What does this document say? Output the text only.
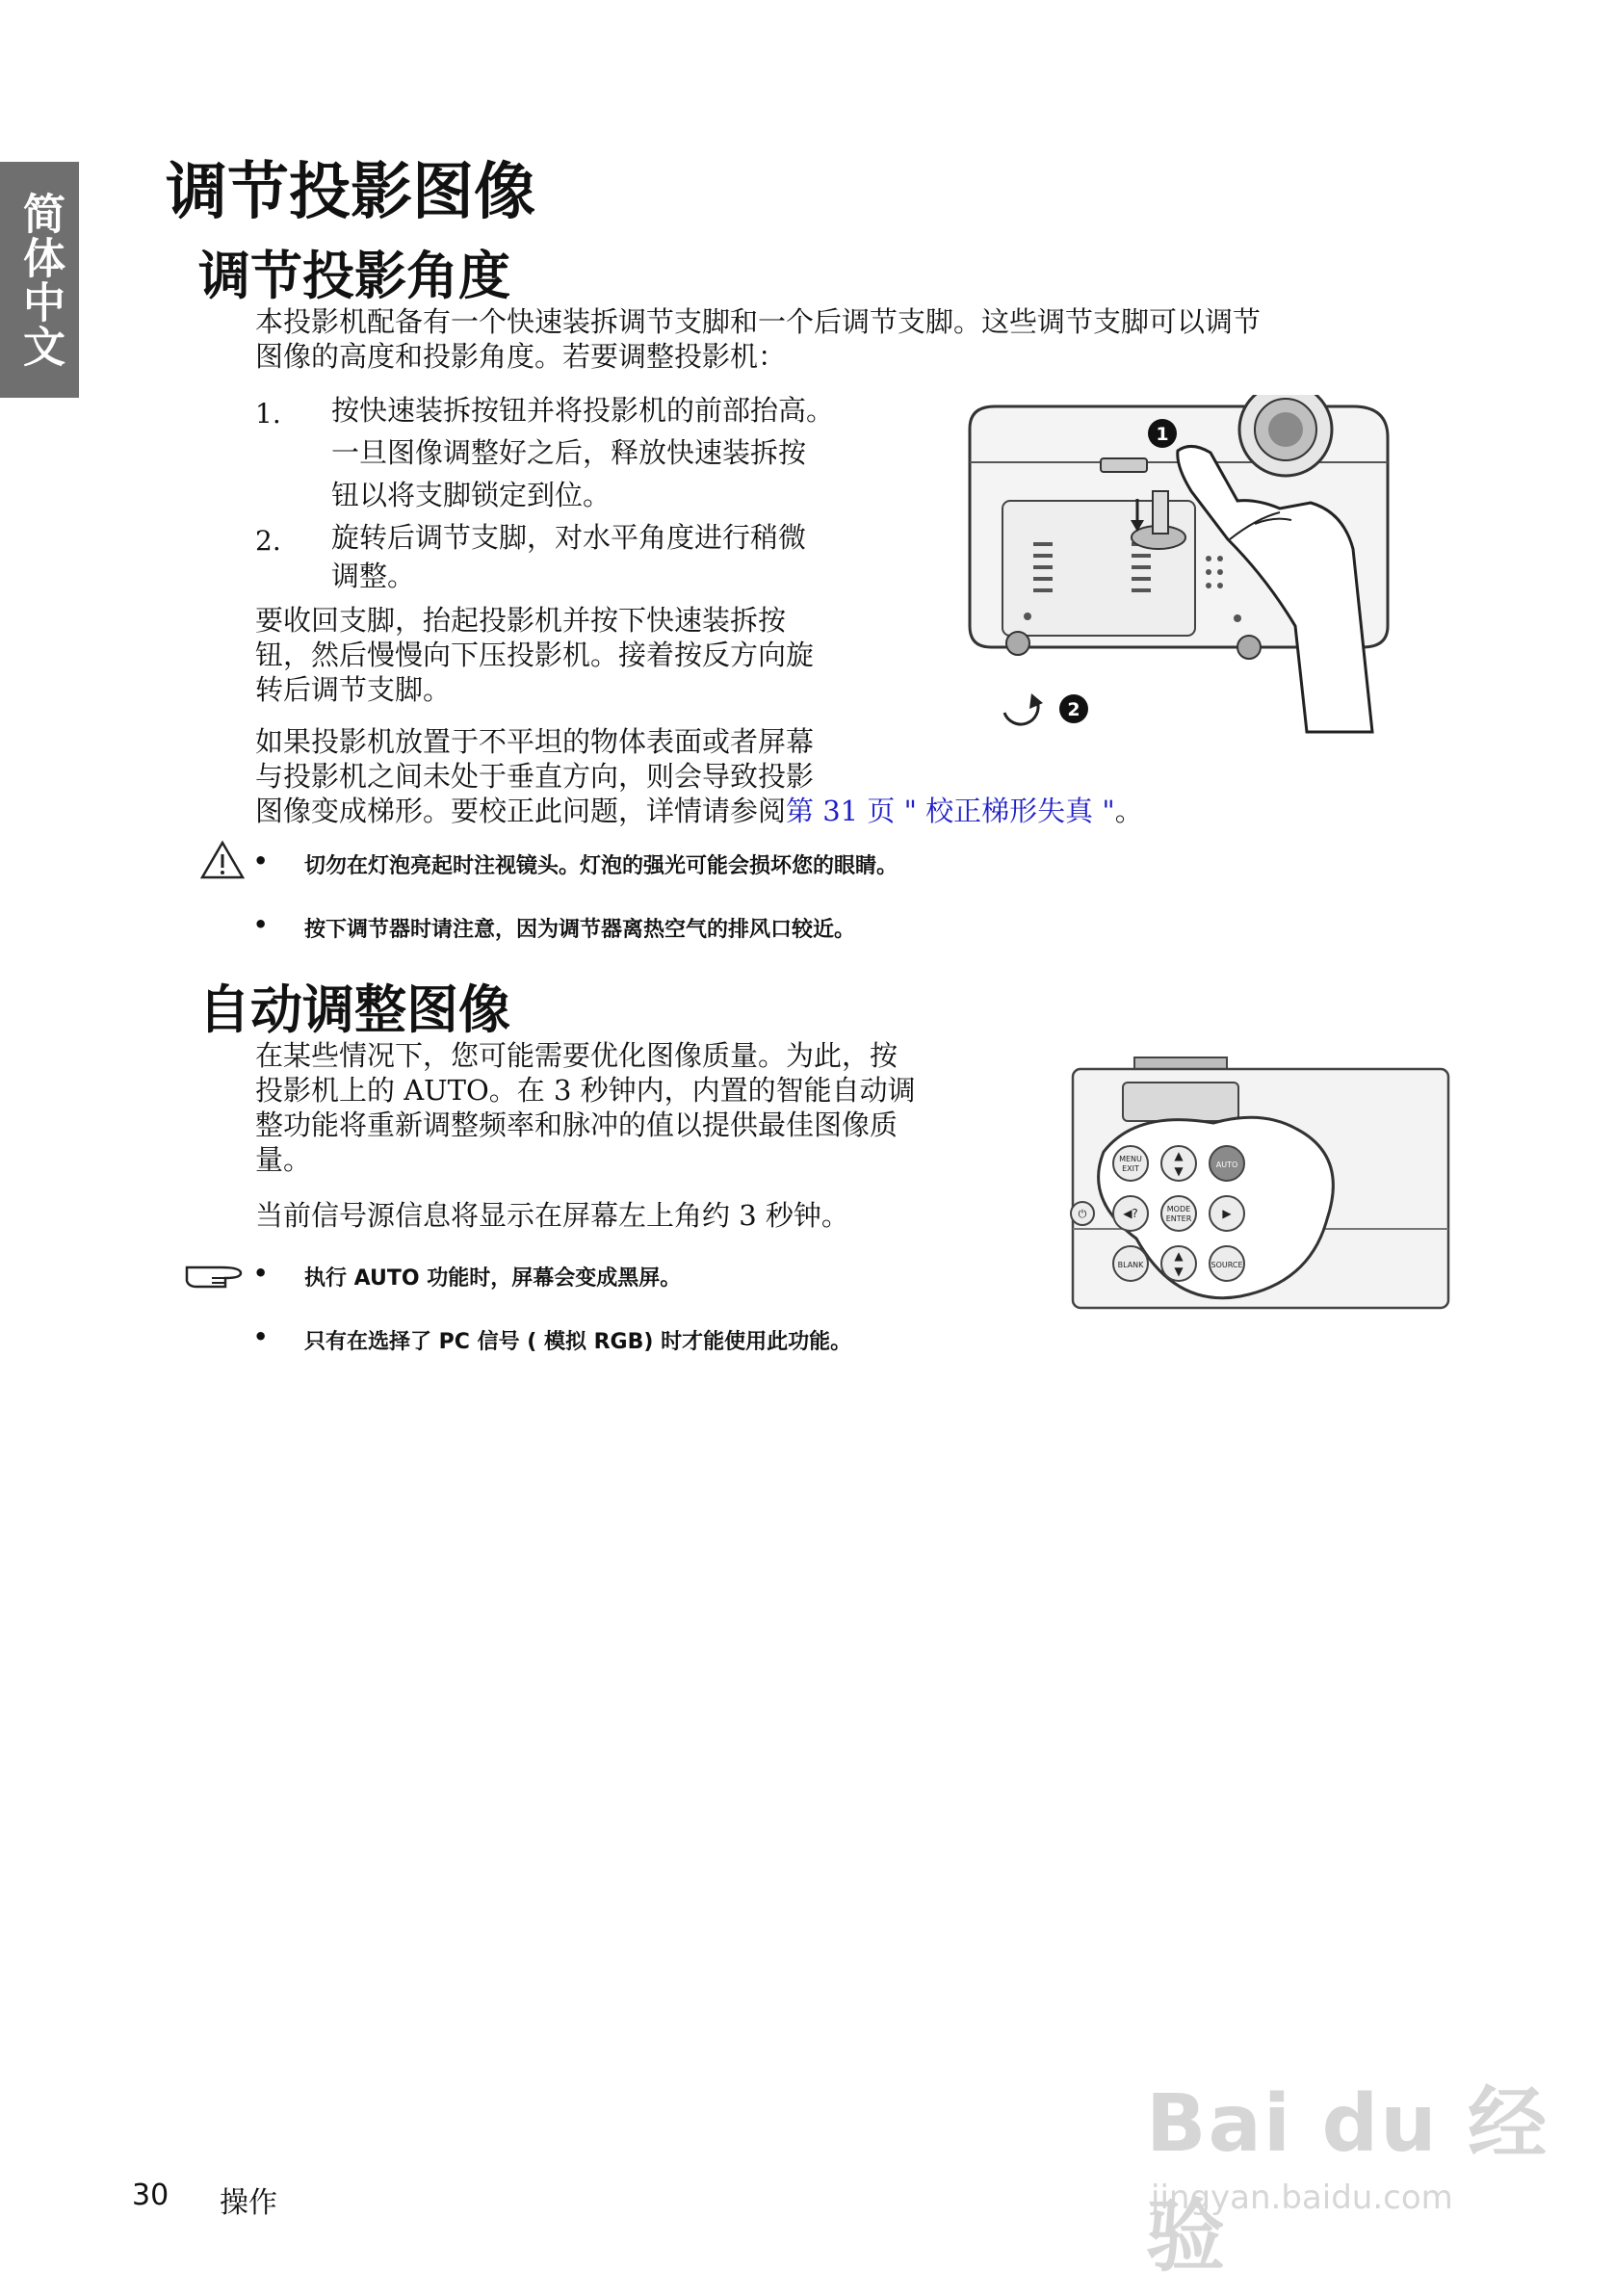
简体中文 调节投影图像
调节投影角度
本投影机配备有一个快速装拆调节支脚和一个后调节支脚。这些调节支脚可以调节
图像的高度和投影角度。若要调整投影机：
1. 按快速装拆按钮并将投影机的前部抬高。
一旦图像调整好之后，释放快速装拆按
钮以将支脚锁定到位。
2. 旋转后调节支脚，对水平角度进行稍微
调整。
要收回支脚，抬起投影机并按下快速装拆按
钮，然后慢慢向下压投影机。接着按反方向旋
转后调节支脚。
如果投影机放置于不平坦的物体表面或者屏幕
与投影机之间未处于垂直方向，则会导致投影
图像变成梯形。要校正此问题，详情请参阅第 31 页 " 校正梯形失真 "。
1
2
• 切勿在灯泡亮起时注视镜头。灯泡的强光可能会损坏您的眼睛。
• 按下调节器时请注意，因为调节器离热空气的排风口较近。
自动调整图像
在某些情况下，您可能需要优化图像质量。为此，按
投影机上的 AUTO。在 3 秒钟内，内置的智能自动调
整功能将重新调整频率和脉冲的值以提供最佳图像质
量。
当前信号源信息将显示在屏幕左上角约 3 秒钟。
MENU
EXIT
▲
▼	AUTO
◀?	MODE
ENTER	▶
BLANK
▲
▼	SOURCE
⏻
• 执行 AUTO 功能时，屏幕会变成黑屏。
• 只有在选择了 PC 信号 ( 模拟 RGB) 时才能使用此功能。
30 操作
Bai du 经验
jingyan.baidu.com
